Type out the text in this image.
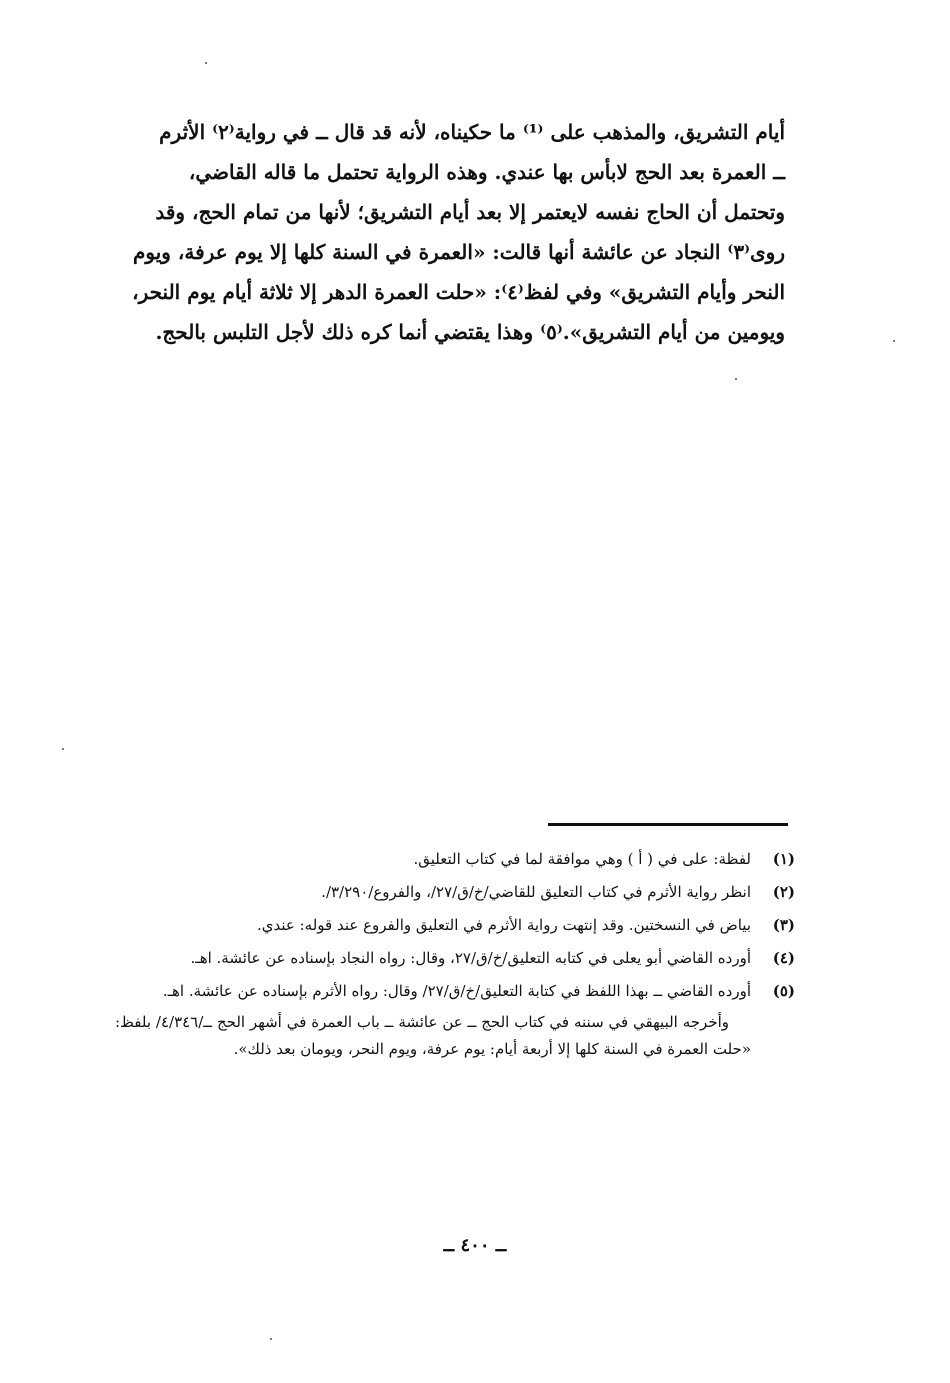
أيام التشريق، والمذهب على ⁽¹⁾ ما حكيناه، لأنه قد قال ــ في رواية⁽٢⁾ الأثرم
ــ العمرة بعد الحج لابأس بها عندي. وهذه الرواية تحتمل ما قاله القاضي،
وتحتمل أن الحاج نفسه لايعتمر إلا بعد أيام التشريق؛ لأنها من تمام الحج، وقد
روى⁽٣⁾ النجاد عن عائشة أنها قالت: «العمرة في السنة كلها إلا يوم عرفة، ويوم
النحر وأيام التشريق» وفي لفظ⁽٤⁾: «حلت العمرة الدهر إلا ثلاثة أيام يوم النحر،
ويومين من أيام التشريق».⁽٥⁾ وهذا يقتضي أنما كره ذلك لأجل التلبس بالحج.
(١)
لفظة: على في ( أ ) وهي موافقة لما في كتاب التعليق.
(٢)
انظر رواية الأثرم في كتاب التعليق للقاضي/خ/ق/٢٧/، والفروع/٣/٢٩٠/.
(٣)
بياض في النسختين. وقد إنتهت رواية الأثرم في التعليق والفروع عند قوله: عندي.
(٤)
أورده القاضي أبو يعلى في كتابه التعليق/خ/ق/٢٧، وقال: رواه النجاد بإسناده عن عائشة. اهـ.
(٥)
أورده القاضي ــ بهذا اللفظ في كتابة التعليق/خ/ق/٢٧/ وقال: رواه الأثرم بإسناده عن عائشة. اهـ.
وأخرجه البيهقي في سننه في كتاب الحج ــ عن عائشة ــ باب العمرة في أشهر الحج ــ/٤/٣٤٦/ بلفظ: «حلت العمرة في السنة كلها إلا أربعة أيام: يوم عرفة، ويوم النحر، ويومان بعد ذلك».
ــ ٤٠٠ ــ
